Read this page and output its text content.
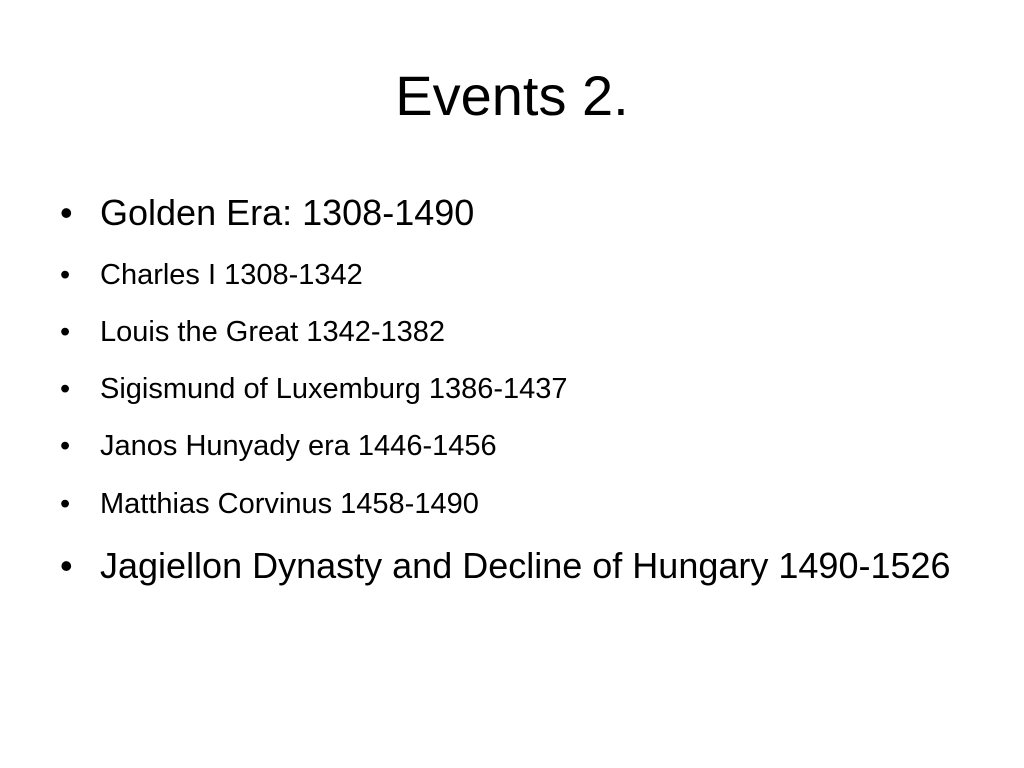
Events 2.
• Golden Era: 1308-1490
•	Charles I 1308-1342
•	Louis the Great 1342-1382
•	Sigismund of Luxemburg 1386-1437
•	Janos Hunyady era 1446-1456
•	Matthias Corvinus 1458-1490
• Jagiellon Dynasty and Decline of Hungary 1490-1526
